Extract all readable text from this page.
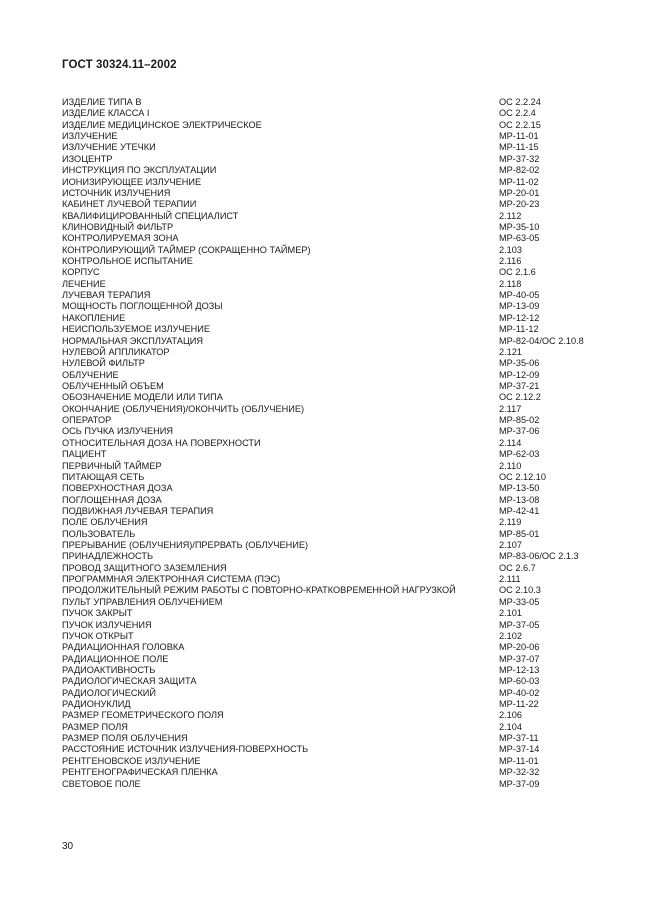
ГОСТ 30324.11–2002
ИЗДЕЛИЕ ТИПА В	ОС 2.2.24
ИЗДЕЛИЕ КЛАССА I	ОС 2.2.4
ИЗДЕЛИЕ МЕДИЦИНСКОЕ ЭЛЕКТРИЧЕСКОЕ	ОС 2.2.15
ИЗЛУЧЕНИЕ	МР-11-01
ИЗЛУЧЕНИЕ УТЕЧКИ	МР-11-15
ИЗОЦЕНТР	МР-37-32
ИНСТРУКЦИЯ ПО ЭКСПЛУАТАЦИИ	МР-82-02
ИОНИЗИРУЮЩЕЕ ИЗЛУЧЕНИЕ	МР-11-02
ИСТОЧНИК ИЗЛУЧЕНИЯ	МР-20-01
КАБИНЕТ ЛУЧЕВОЙ ТЕРАПИИ	МР-20-23
КВАЛИФИЦИРОВАННЫЙ СПЕЦИАЛИСТ	2.112
КЛИНОВИДНЫЙ ФИЛЬТР	МР-35-10
КОНТРОЛИРУЕМАЯ ЗОНА	МР-63-05
КОНТРОЛИРУЮЩИЙ ТАЙМЕР (СОКРАЩЕННО ТАЙМЕР)	2.103
КОНТРОЛЬНОЕ ИСПЫТАНИЕ	2.116
КОРПУС	ОС 2.1.6
ЛЕЧЕНИЕ	2.118
ЛУЧЕВАЯ ТЕРАПИЯ	МР-40-05
МОЩНОСТЬ ПОГЛОЩЕННОЙ ДОЗЫ	МР-13-09
НАКОПЛЕНИЕ	МР-12-12
НЕИСПОЛЬЗУЕМОЕ ИЗЛУЧЕНИЕ	МР-11-12
НОРМАЛЬНАЯ ЭКСПЛУАТАЦИЯ	МР-82-04/ОС 2.10.8
НУЛЕВОЙ АППЛИКАТОР	2.121
НУЛЕВОЙ ФИЛЬТР	МР-35-06
ОБЛУЧЕНИЕ	МР-12-09
ОБЛУЧЕННЫЙ ОБЪЕМ	МР-37-21
ОБОЗНАЧЕНИЕ МОДЕЛИ ИЛИ ТИПА	ОС 2.12.2
ОКОНЧАНИЕ (ОБЛУЧЕНИЯ)/ОКОНЧИТЬ (ОБЛУЧЕНИЕ)	2.117
ОПЕРАТОР	МР-85-02
ОСЬ ПУЧКА ИЗЛУЧЕНИЯ	МР-37-06
ОТНОСИТЕЛЬНАЯ ДОЗА НА ПОВЕРХНОСТИ	2.114
ПАЦИЕНТ	МР-62-03
ПЕРВИЧНЫЙ ТАЙМЕР	2.110
ПИТАЮЩАЯ СЕТЬ	ОС 2.12.10
ПОВЕРХНОСТНАЯ ДОЗА	МР-13-50
ПОГЛОЩЕННАЯ ДОЗА	МР-13-08
ПОДВИЖНАЯ ЛУЧЕВАЯ ТЕРАПИЯ	МР-42-41
ПОЛЕ ОБЛУЧЕНИЯ	2.119
ПОЛЬЗОВАТЕЛЬ	МР-85-01
ПРЕРЫВАНИЕ (ОБЛУЧЕНИЯ)/ПРЕРВАТЬ (ОБЛУЧЕНИЕ)	2.107
ПРИНАДЛЕЖНОСТЬ	МР-83-06/ОС 2.1.3
ПРОВОД ЗАЩИТНОГО ЗАЗЕМЛЕНИЯ	ОС 2.6.7
ПРОГРАММНАЯ ЭЛЕКТРОННАЯ СИСТЕМА (ПЭС)	2.111
ПРОДОЛЖИТЕЛЬНЫЙ РЕЖИМ РАБОТЫ С ПОВТОРНО-КРАТКОВРЕМЕННОЙ НАГРУЗКОЙ	ОС 2.10.3
ПУЛЬТ УПРАВЛЕНИЯ ОБЛУЧЕНИЕМ	МР-33-05
ПУЧОК ЗАКРЫТ	2.101
ПУЧОК ИЗЛУЧЕНИЯ	МР-37-05
ПУЧОК ОТКРЫТ	2.102
РАДИАЦИОННАЯ ГОЛОВКА	МР-20-06
РАДИАЦИОННОЕ ПОЛЕ	МР-37-07
РАДИОАКТИВНОСТЬ	МР-12-13
РАДИОЛОГИЧЕСКАЯ ЗАЩИТА	МР-60-03
РАДИОЛОГИЧЕСКИЙ	МР-40-02
РАДИОНУКЛИД	МР-11-22
РАЗМЕР ГЕОМЕТРИЧЕСКОГО ПОЛЯ	2.106
РАЗМЕР ПОЛЯ	2.104
РАЗМЕР ПОЛЯ ОБЛУЧЕНИЯ	МР-37-11
РАССТОЯНИЕ ИСТОЧНИК ИЗЛУЧЕНИЯ-ПОВЕРХНОСТЬ	МР-37-14
РЕНТГЕНОВСКОЕ ИЗЛУЧЕНИЕ	МР-11-01
РЕНТГЕНОГРАФИЧЕСКАЯ ПЛЕНКА	МР-32-32
СВЕТОВОЕ ПОЛЕ	МР-37-09
30
